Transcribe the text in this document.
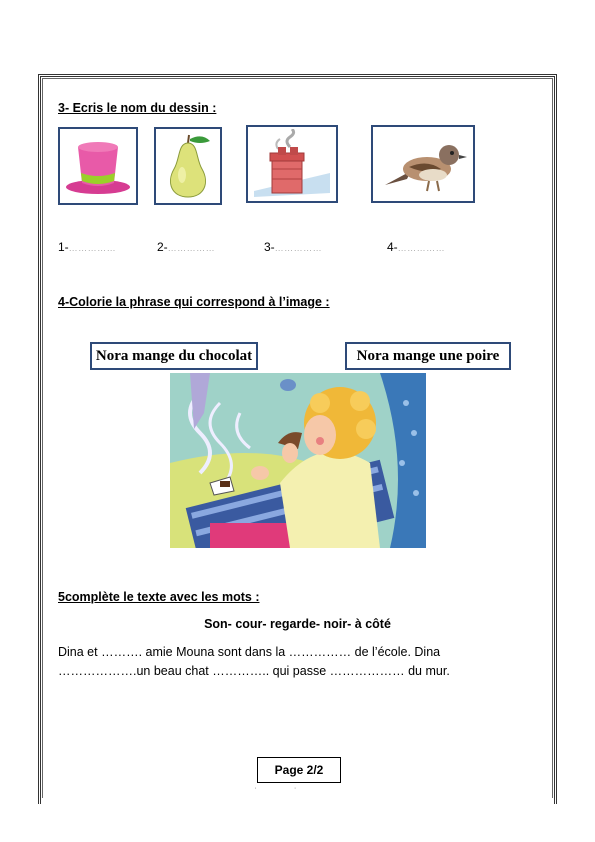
3- Ecris le nom du dessin :
1-……………	2-……………	3-……………	4-……………
4-Colorie la phrase qui correspond à l’image :
Nora mange du chocolat	Nora mange une poire
5complète le texte avec les mots :
Son- cour- regarde- noir- à côté
Dina et ………. amie Mouna sont dans la …………… de l’école. Dina
……………….un beau chat ………….. qui passe ……………… du mur.
Page 2/2
'                       '
